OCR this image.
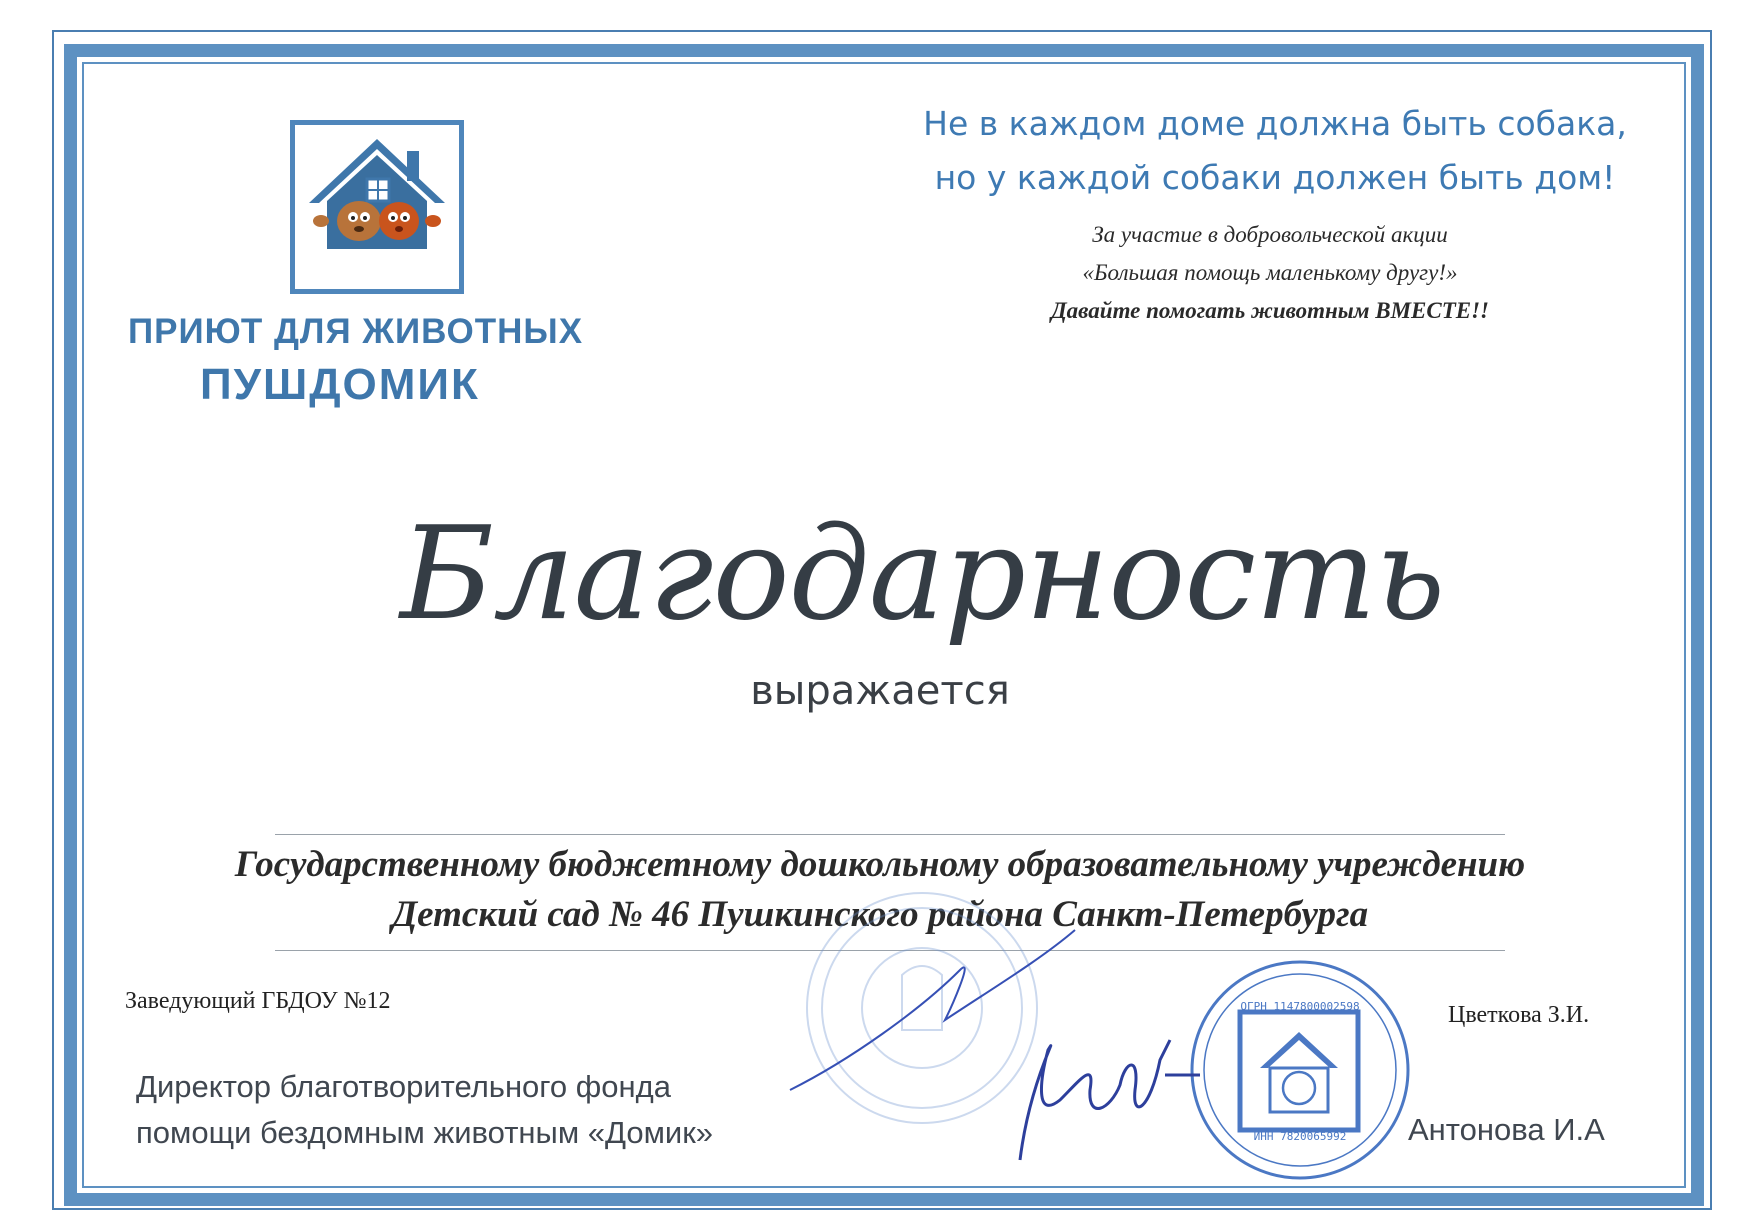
ПРИЮТ ДЛЯ ЖИВОТНЫХ
ПУШДОМИК
Не в каждом доме должна быть собака,
но у каждой собаки должен быть дом!
За участие в добровольческой акции
«Большая помощь маленькому другу!»
Давайте помогать животным ВМЕСТЕ!!
Благодарность
выражается
Государственному бюджетному дошкольному образовательному учреждению
Детский сад № 46 Пушкинского района Санкт-Петербурга
ОГРН 1147800002598
ИНН 7820065992
Заведующий ГБДОУ №12
Цветкова З.И.
Директор благотворительного фонда
помощи бездомным животным «Домик»	Антонова И.А
